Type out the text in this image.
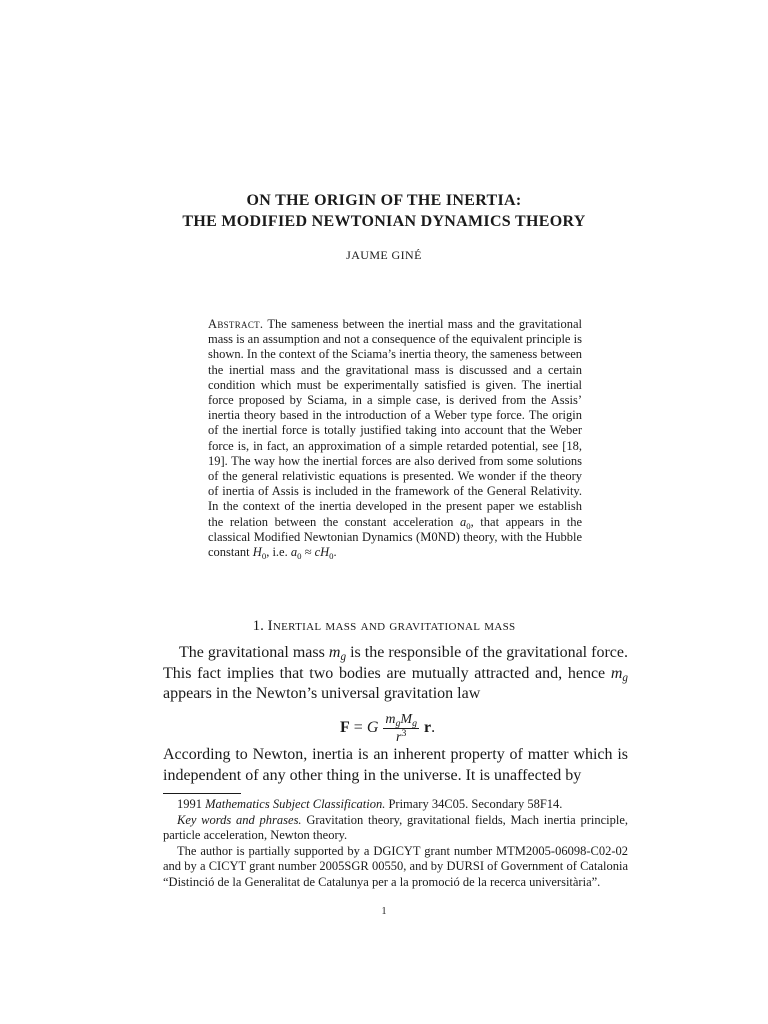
ON THE ORIGIN OF THE INERTIA:
THE MODIFIED NEWTONIAN DYNAMICS THEORY
JAUME GINÉ
Abstract. The sameness between the inertial mass and the gravitational mass is an assumption and not a consequence of the equivalent principle is shown. In the context of the Sciama’s inertia theory, the sameness between the inertial mass and the gravitational mass is discussed and a certain condition which must be experimentally satisfied is given. The inertial force proposed by Sciama, in a simple case, is derived from the Assis’ inertia theory based in the introduction of a Weber type force. The origin of the inertial force is totally justified taking into account that the Weber force is, in fact, an approximation of a simple retarded potential, see [18, 19]. The way how the inertial forces are also derived from some solutions of the general relativistic equations is presented. We wonder if the theory of inertia of Assis is included in the framework of the General Relativity. In the context of the inertia developed in the present paper we establish the relation between the constant acceleration $a_0$, that appears in the classical Modified Newtonian Dynamics (M0ND) theory, with the Hubble constant $H_0$, i.e. $a_0 \approx cH_0$.
1. Inertial mass and gravitational mass
The gravitational mass $m_g$ is the responsible of the gravitational force. This fact implies that two bodies are mutually attracted and, hence $m_g$ appears in the Newton’s universal gravitation law
F = G $\frac{m_gM_g}{r^3}$ r .
According to Newton, inertia is an inherent property of matter which is independent of any other thing in the universe. It is unaffected by

1991 Mathematics Subject Classification. Primary 34C05. Secondary 58F14.

Key words and phrases. Gravitation theory, gravitational fields, Mach inertia principle, particle acceleration, Newton theory.

The author is partially supported by a DGICYT grant number MTM2005-06098-C02-02 and by a CICYT grant number 2005SGR 00550, and by DURSI of Government of Catalonia “Distinció de la Generalitat de Catalunya per a la promoció de la recerca universitària”.

1
